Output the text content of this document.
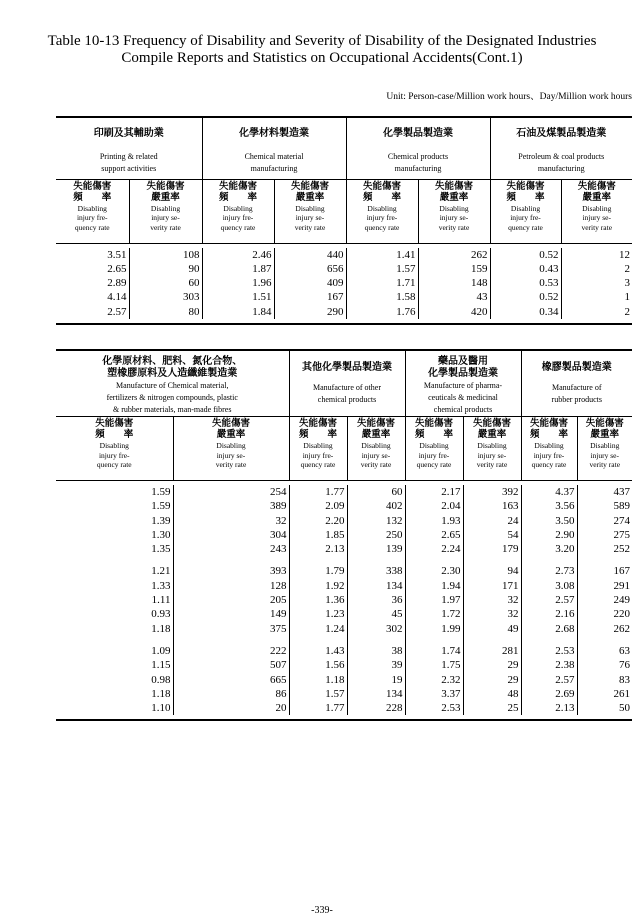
Table 10-13 Frequency of Disability and Severity of Disability of the Designated Industries
Compile Reports and Statistics on Occupational Accidents(Cont.1)
Unit: Person-case/Million work hours、Day/Million work hours
印刷及其輔助業
Printing & related
support activities		化學材料製造業
Chemical material
manufacturing		化學製品製造業
Chemical products
manufacturing		石油及煤製品製造業
Petroleum & coal products
manufacturing	

失能傷害
頻　　率
Disabling
injury fre-
quency rate	失能傷害
嚴重率
Disabling
injury se-
verity rate	失能傷害
頻　　率
Disabling
injury fre-
quency rate	失能傷害
嚴重率
Disabling
injury se-
verity rate	失能傷害
頻　　率
Disabling
injury fre-
quency rate	失能傷害
嚴重率
Disabling
injury se-
verity rate	失能傷害
頻　　率
Disabling
injury fre-
quency rate	失能傷害
嚴重率
Disabling
injury se-
verity rate

3.51	108	2.46	440	1.41	262	0.52	12
2.65	90	1.87	656	1.57	159	0.43	2
2.89	60	1.96	409	1.71	148	0.53	3
4.14	303	1.51	167	1.58	43	0.52	1
2.57	80	1.84	290	1.76	420	0.34	2

化學原材料、肥料、氮化合物、
塑橡膠原料及人造纖維製造業
Manufacture of Chemical material,
fertilizers & nitrogen compounds, plastic
& rubber materials, man-made fibres		其他化學製品製造業
Manufacture of other
chemical products		藥品及醫用
化學製品製造業
Manufacture of pharma-
ceuticals & medicinal
chemical products		橡膠製品製造業
Manufacture of
rubber products	

失能傷害
頻　　率
Disabling
injury fre-
quency rate	失能傷害
嚴重率
Disabling
injury se-
verity rate	失能傷害
頻　　率
Disabling
injury fre-
quency rate	失能傷害
嚴重率
Disabling
injury se-
verity rate	失能傷害
頻　　率
Disabling
injury fre-
quency rate	失能傷害
嚴重率
Disabling
injury se-
verity rate	失能傷害
頻　　率
Disabling
injury fre-
quency rate	失能傷害
嚴重率
Disabling
injury se-
verity rate

1.59	254	1.77	60	2.17	392	4.37	437
1.59	389	2.09	402	2.04	163	3.56	589
1.39	32	2.20	132	1.93	24	3.50	274
1.30	304	1.85	250	2.65	54	2.90	275
1.35	243	2.13	139	2.24	179	3.20	252

1.21	393	1.79	338	2.30	94	2.73	167
1.33	128	1.92	134	1.94	171	3.08	291
1.11	205	1.36	36	1.97	32	2.57	249
0.93	149	1.23	45	1.72	32	2.16	220
1.18	375	1.24	302	1.99	49	2.68	262

1.09	222	1.43	38	1.74	281	2.53	63
1.15	507	1.56	39	1.75	29	2.38	76
0.98	665	1.18	19	2.32	29	2.57	83
1.18	86	1.57	134	3.37	48	2.69	261
1.10	20	1.77	228	2.53	25	2.13	50

-339-
